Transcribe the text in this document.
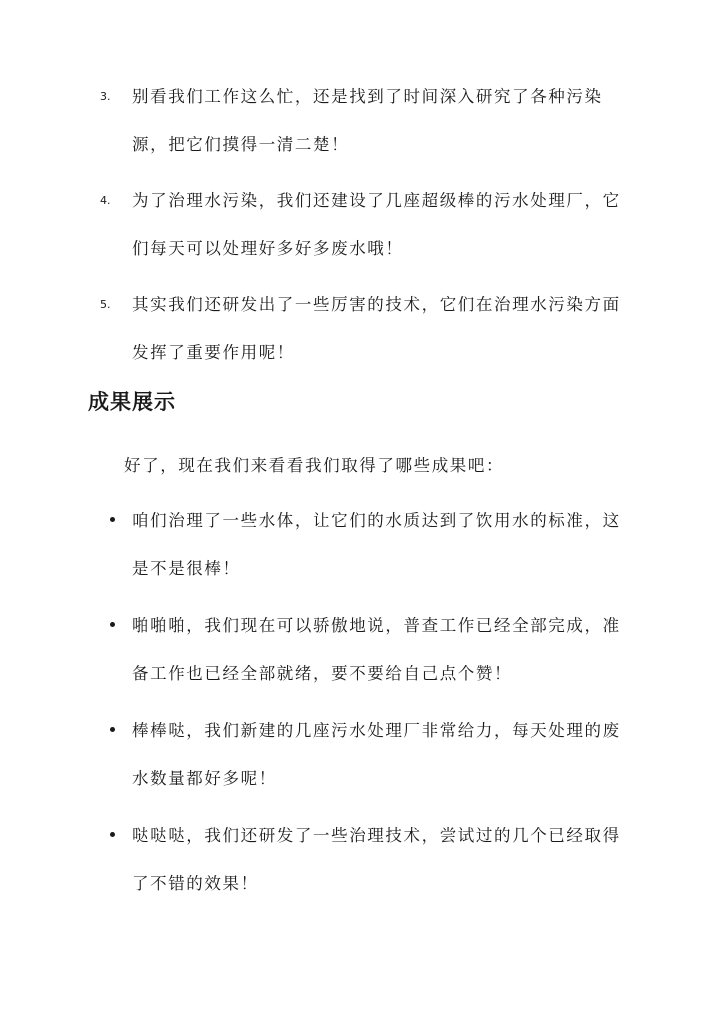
3.	别看我们工作这么忙，还是找到了时间深入研究了各种污染源，把它们摸得一清二楚！
4.	为了治理水污染，我们还建设了几座超级棒的污水处理厂，它们每天可以处理好多好多废水哦！
5.	其实我们还研发出了一些厉害的技术，它们在治理水污染方面发挥了重要作用呢！
成果展示

好了，现在我们来看看我们取得了哪些成果吧：

咱们治理了一些水体，让它们的水质达到了饮用水的标准，这是不是很棒！
啪啪啪，我们现在可以骄傲地说，普查工作已经全部完成，准备工作也已经全部就绪，要不要给自己点个赞！
棒棒哒，我们新建的几座污水处理厂非常给力，每天处理的废水数量都好多呢！
哒哒哒，我们还研发了一些治理技术，尝试过的几个已经取得了不错的效果！
